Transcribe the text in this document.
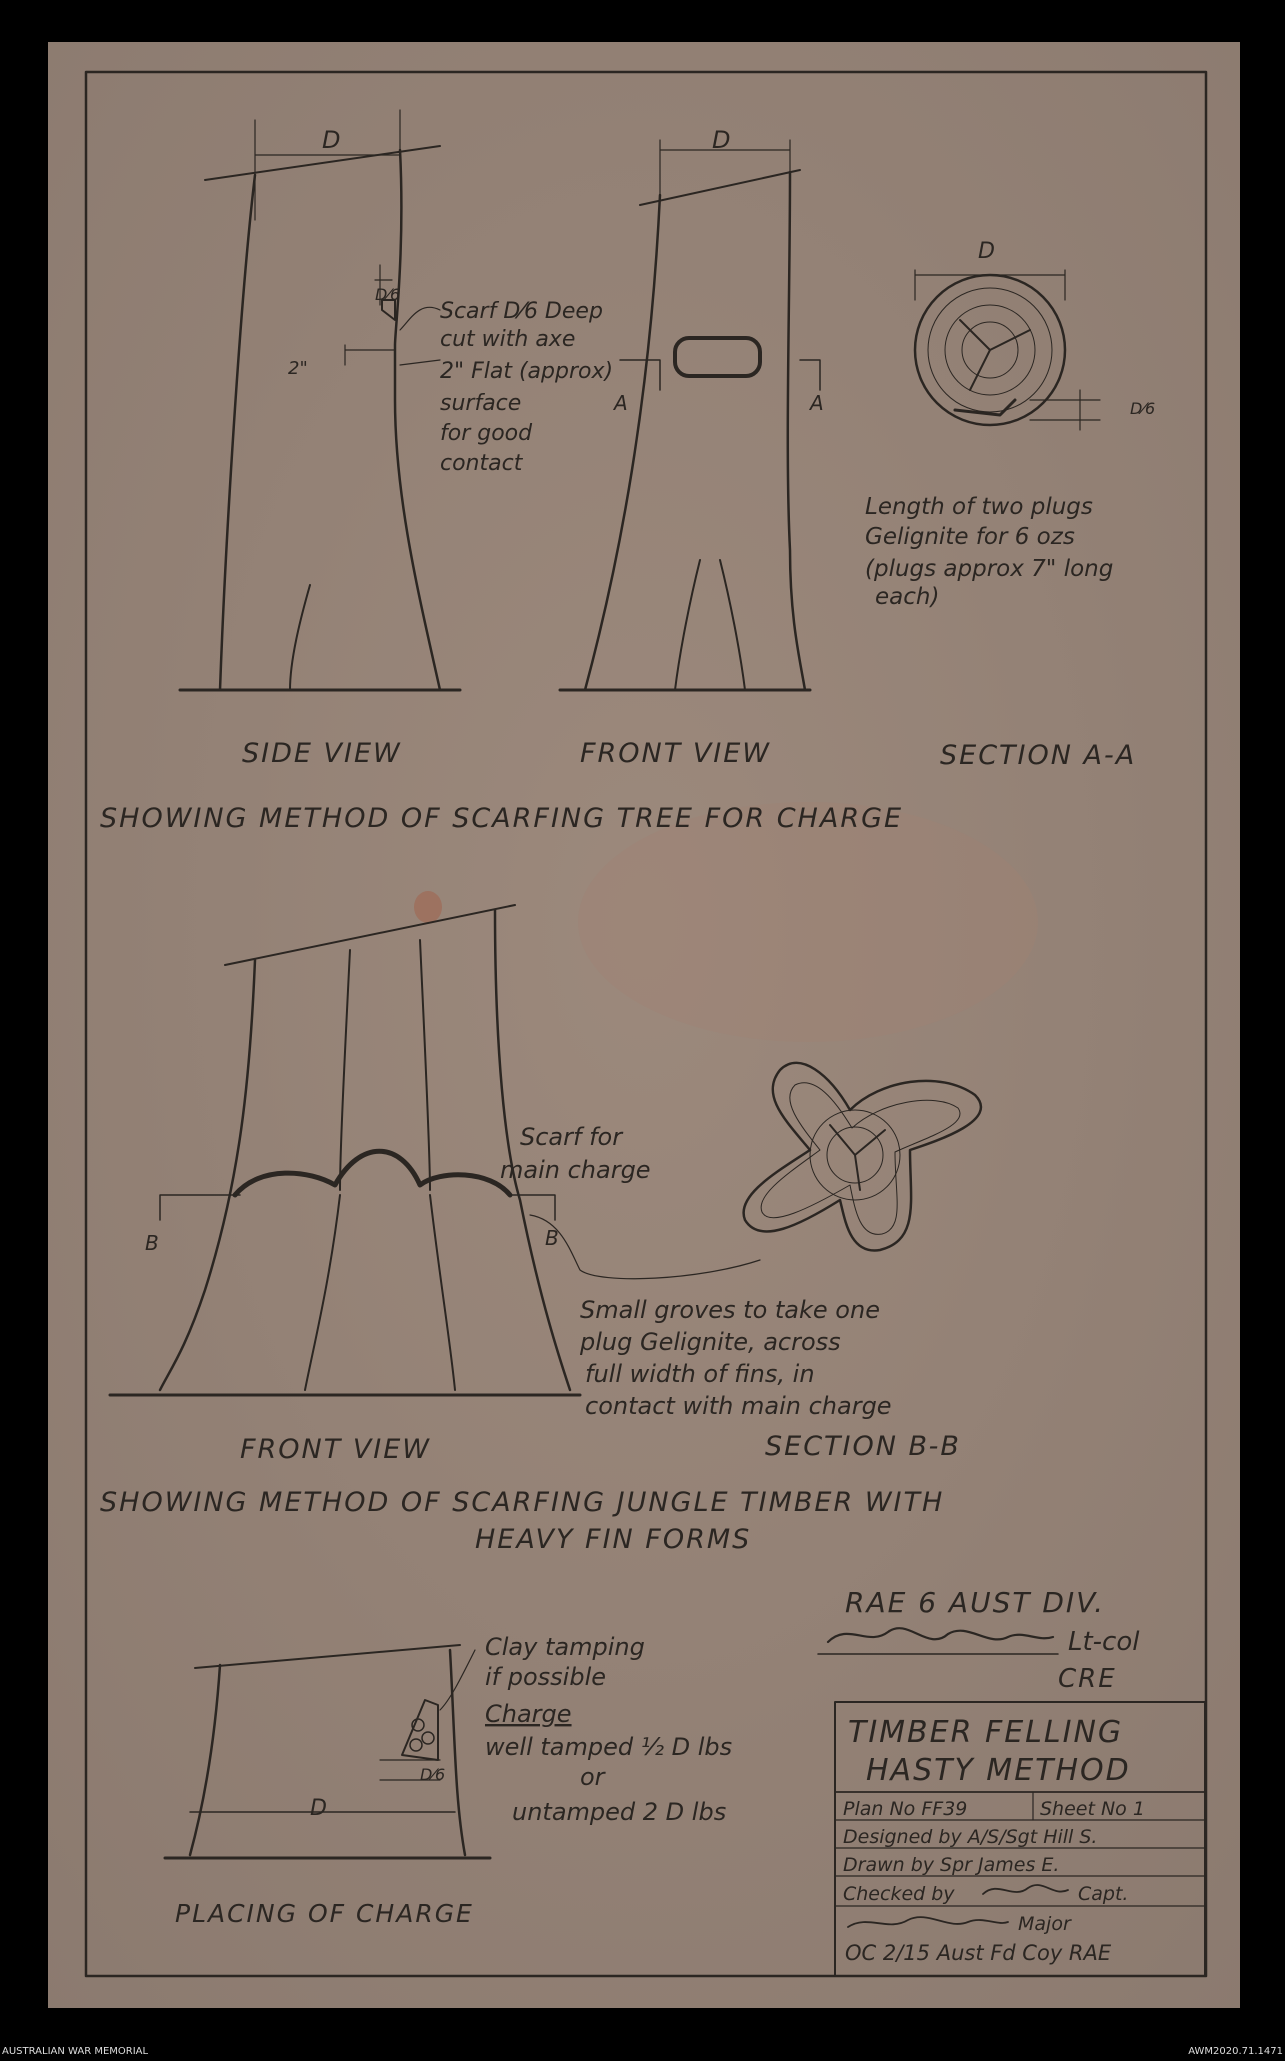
D
D⁄6
2"
Scarf D⁄6 Deep
cut with axe
2" Flat (approx)
surface
for good
contact
SIDE VIEW
D
A	A
FRONT VIEW
D
D⁄6
Length of two plugs
Gelignite for 6 ozs
(plugs approx 7" long
each)
SECTION A-A
SHOWING METHOD OF SCARFING TREE FOR CHARGE
B	B
Scarf for
main charge
FRONT VIEW
Small groves to take one
plug Gelignite, across
full width of fins, in
contact with main charge
SECTION B-B
SHOWING METHOD OF SCARFING JUNGLE TIMBER WITH
HEAVY FIN FORMS
D
D⁄6
Clay tamping
if possible
Charge
well tamped ½ D lbs
or
untamped 2 D lbs
PLACING OF CHARGE
RAE 6 AUST DIV.
Lt-col
CRE
TIMBER FELLING
HASTY METHOD
Plan No FF39	Sheet No 1
Designed by A/S/Sgt Hill S.
Drawn by Spr James E.
Checked by	Capt.
Major
OC 2/15 Aust Fd Coy RAE
AUSTRALIAN WAR MEMORIAL	AWM2020.71.1471
